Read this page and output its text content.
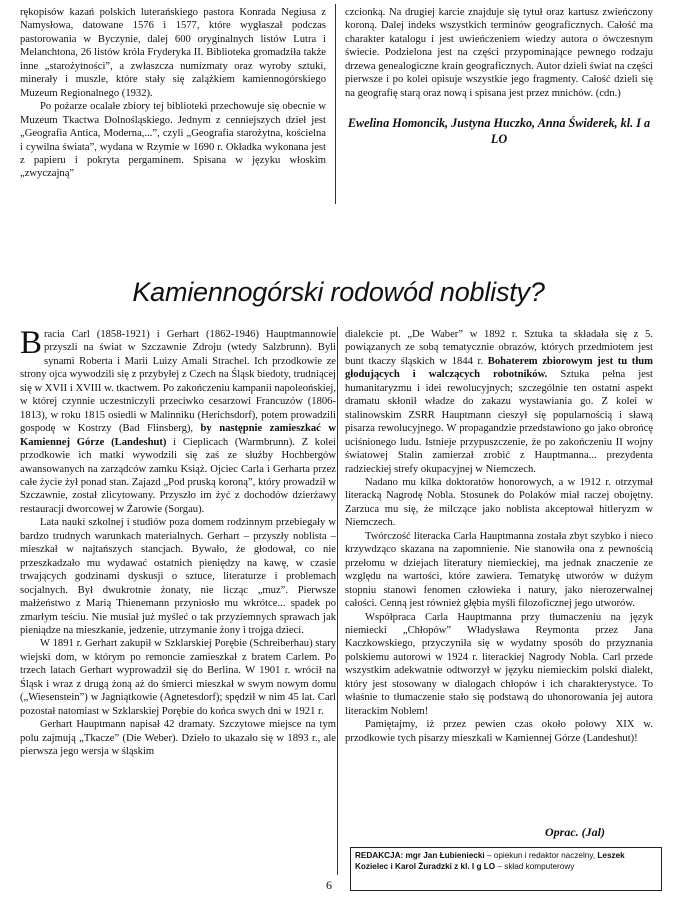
rękopisów kazań polskich luterańskiego pastora Konrada Negiusa z Namysłowa, datowane 1576 i 1577, które wygłaszał podczas pastorowania w Byczynie, dalej 600 oryginalnych listów Lutra i Melanchtona, 26 listów króla Fryderyka II. Biblioteka gromadziła także inne „starożytności”, a zwłaszcza numizmaty oraz wyroby sztuki, minerały i muszle, które stały się zalążkiem kamiennogórskiego Muzeum Regionalnego (1932).

Po pożarze ocalałe zbiory tej biblioteki przechowuje się obecnie w Muzeum Tkactwa Dolnośląskiego. Jednym z cenniejszych dzieł jest „Geografia Antica, Moderna,...”, czyli „Geografia starożytna, kościelna i cywilna świata”, wydana w Rzymie w 1690 r. Okładka wykonana jest z papieru i pokryta pergaminem. Spisana w języku włoskim „zwyczajną”

czcionką. Na drugiej karcie znajduje się tytuł oraz kartusz zwieńczony koroną. Dalej indeks wszystkich terminów geograficznych. Całość ma charakter katalogu i jest uwieńczeniem wiedzy autora o ówczesnym świecie. Podzielona jest na części przypominające pewnego rodzaju drzewa genealogiczne krain geograficznych. Autor dzieli świat na części pierwsze i po kolei opisuje wszystkie jego fragmenty. Całość dzieli się na geografię starą oraz nową i spisana jest przez mnichów. (cdn.)

Ewelina Homoncik, Justyna Huczko, Anna Świderek, kl. I a LO
Kamiennogórski rodowód noblisty?

Bracia Carl (1858-1921) i Gerhart (1862-1946) Hauptmannowie przyszli na świat w Szczawnie Zdroju (wtedy Salzbrunn). Byli synami Roberta i Marii Luizy Amali Strachel. Ich przodkowie ze strony ojca wywodzili się z przybyłej z Czech na Śląsk biedoty, trudniącej się w XVII i XVIII w. tkactwem. Po zakończeniu kampanii napoleońskiej, w której czynnie uczestniczyli przeciwko cesarzowi Francuzów (1806-1813), w roku 1815 osiedli w Malinniku (Herichsdorf), potem prowadzili gospodę w Kostrzy (Bad Flinsberg), by następnie zamieszkać w Kamiennej Górze (Landeshut) i Cieplicach (Warmbrunn). Z kolei przodkowie ich matki wywodzili się zaś ze służby Hochbergów awansowanych na zarządców zamku Książ. Ojciec Carla i Gerharta przez całe życie żył ponad stan. Zajazd „Pod pruską koroną”, który prowadził w Szczawnie, został zlicytowany. Przyszło im żyć z dochodów dzierżawy restauracji dworcowej w Żarowie (Sorgau).

Lata nauki szkolnej i studiów poza domem rodzinnym przebiegały w bardzo trudnych warunkach materialnych. Gerhart – przyszły noblista – mieszkał w najtańszych stancjach. Bywało, że głodował, co nie przeszkadzało mu wydawać ostatnich pieniędzy na kawę, w czasie trwających godzinami dyskusji o sztuce, literaturze i problemach socjalnych. Był dwukrotnie żonaty, nie licząc „muz”. Pierwsze małżeństwo z Marią Thienemann przyniosło mu wkrótce... spadek po zmarłym teściu. Nie musiał już myśleć o tak przyziemnych sprawach jak pieniądze na mieszkanie, jedzenie, utrzymanie żony i trojga dzieci.

W 1891 r. Gerhart zakupił w Szklarskiej Porębie (Schreiberhau) stary wiejski dom, w którym po remoncie zamieszkał z bratem Carlem. Po trzech latach Gerhart wyprowadził się do Berlina. W 1901 r. wrócił na Śląsk i wraz z drugą żoną aż do śmierci mieszkał w swym nowym domu („Wiesenstein”) w Jagniątkowie (Agnetesdorf); spędził w nim 45 lat. Carl pozostał natomiast w Szklarskiej Porębie do końca swych dni w 1921 r.

Gerhart Hauptmann napisał 42 dramaty. Szczytowe miejsce na tym polu zajmują „Tkacze” (Die Weber). Dzieło to ukazało się w 1893 r., ale pierwsza jego wersja w śląskim

dialekcie pt. „De Waber” w 1892 r. Sztuka ta składała się z 5. powiązanych ze sobą tematycznie obrazów, których przedmiotem jest bunt tkaczy śląskich w 1844 r. Bohaterem zbiorowym jest tu tłum głodujących i walczących robotników. Sztuka pełna jest humanitaryzmu i idei rewolucyjnych; szczególnie ten ostatni aspekt dramatu skłonił władze do zakazu wystawiania go. Z kolei w stalinowskim ZSRR Hauptmann cieszył się popularnością i sławą pisarza rewolucyjnego. W propagandzie przedstawiono go jako obrońcę uciśnionego ludu. Istnieje przypuszczenie, że po zakończeniu II wojny światowej Stalin zamierzał zrobić z Hauptmanna... prezydenta radzieckiej strefy okupacyjnej w Niemczech.

Nadano mu kilka doktoratów honorowych, a w 1912 r. otrzymał literacką Nagrodę Nobla. Stosunek do Polaków miał raczej obojętny. Zarzuca mu się, że milczące jako noblista akceptował hitleryzm w Niemczech.

Twórczość literacka Carla Hauptmanna została zbyt szybko i nieco krzywdząco skazana na zapomnienie. Nie stanowiła ona z pewnością przełomu w dziejach literatury niemieckiej, ma jednak znaczenie ze względu na wartości, które zawiera. Tematykę utworów w dużym stopniu stanowi fenomen człowieka i natury, jako nierozerwalnej całości. Cenną jest również głębia myśli filozoficznej jego utworów.

Współpraca Carla Hauptmanna przy tłumaczeniu na język niemiecki „Chłopów” Władysława Reymonta przez Jana Kaczkowskiego, przyczyniła się w wydatny sposób do przyznania polskiemu autorowi w 1924 r. literackiej Nagrody Nobla. Carl przede wszystkim adekwatnie odtworzył w języku niemieckim polski dialekt, który jest stosowany w dialogach chłopów i ich charakterystyce. To właśnie to tłumaczenie stało się podstawą do uhonorowania jej autora literackim Noblem!

Pamiętajmy, iż przez pewien czas około połowy XIX w. przodkowie tych pisarzy mieszkali w Kamiennej Górze (Landeshut)!

Oprac. (Jal)
6
REDAKCJA: mgr Jan Łubieniecki – opiekun i redaktor naczelny, Leszek Kozielec i Karol Żuradzki z kl. I g LO – skład komputerowy
